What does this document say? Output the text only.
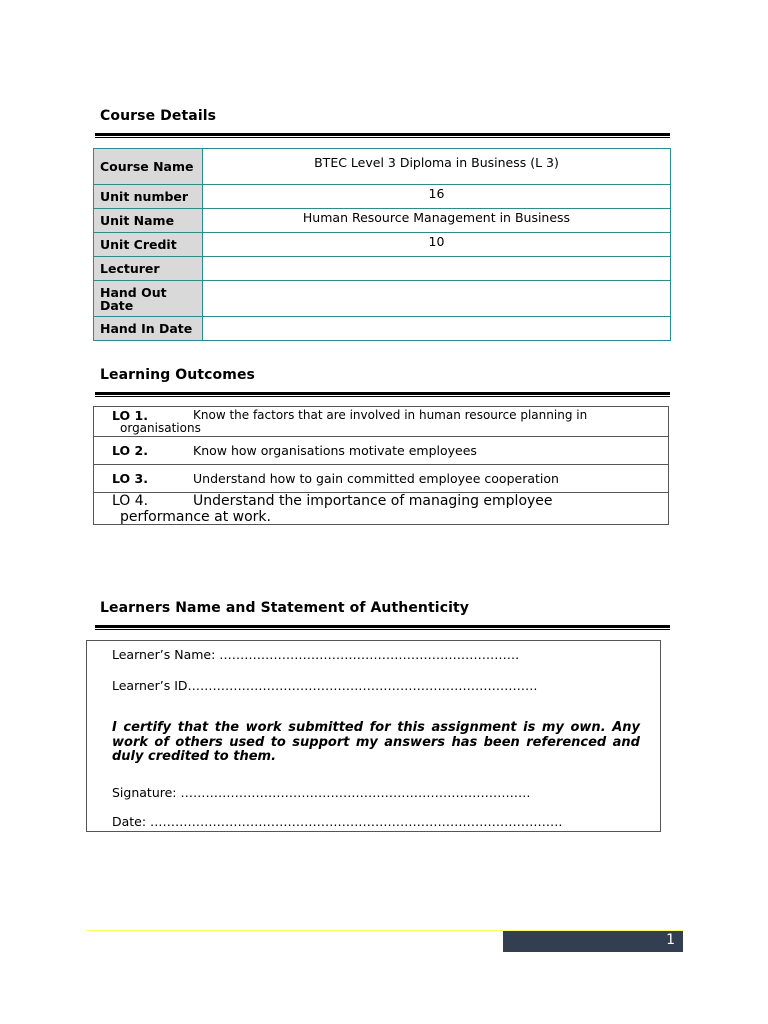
Course Details
Course Name	BTEC Level 3 Diploma in Business (L 3)
Unit number	16
Unit Name	Human Resource Management in Business
Unit Credit	10
Lecturer	
Hand Out Date	
Hand In Date	
Learning Outcomes
LO 1.	Know the factors that are involved in human resource planning in
organisations
LO 2.	Know how organisations motivate employees
LO 3.	Understand how to gain committed employee cooperation
LO 4.	Understand the importance of managing employee
performance at work.
Learners Name and Statement of Authenticity
Learner’s Name: ………………………………………………………………
Learner’s ID…………………………………………………………………………
I certify that the work submitted for this assignment is my own. Any work of others used to support my answers has been referenced and duly credited to them.
Signature: …………………………………………………………………………
Date: ………………………………………………………………………………………
1
